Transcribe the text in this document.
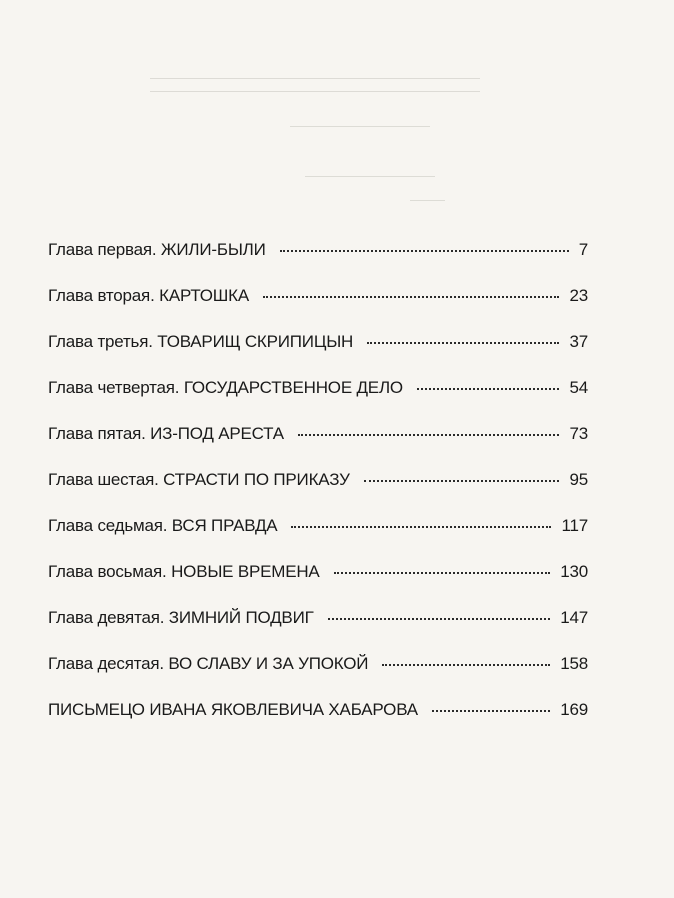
Глава первая. ЖИЛИ-БЫЛИ	7
Глава вторая. КАРТОШКА	23
Глава третья. ТОВАРИЩ СКРИПИЦЫН	37
Глава четвертая. ГОСУДАРСТВЕННОЕ ДЕЛО	54
Глава пятая. ИЗ-ПОД АРЕСТА	73
Глава шестая. СТРАСТИ ПО ПРИКАЗУ	95
Глава седьмая. ВСЯ ПРАВДА	117
Глава восьмая. НОВЫЕ ВРЕМЕНА	130
Глава девятая. ЗИМНИЙ ПОДВИГ	147
Глава десятая. ВО СЛАВУ И ЗА УПОКОЙ	158
ПИСЬМЕЦО ИВАНА ЯКОВЛЕВИЧА ХАБАРОВА	169
